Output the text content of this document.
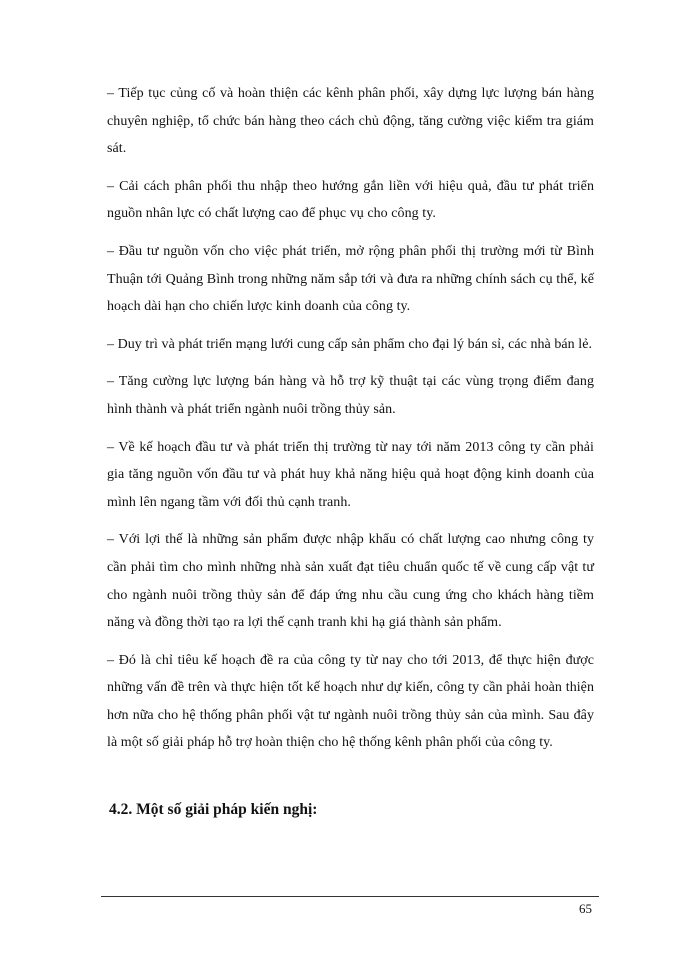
– Tiếp tục củng cố và hoàn thiện các kênh phân phối, xây dựng lực lượng bán hàng chuyên nghiệp, tổ chức bán hàng theo cách chủ động, tăng cường việc kiểm tra giám sát.

– Cải cách phân phối thu nhập theo hướng gắn liền với hiệu quả, đầu tư phát triển nguồn nhân lực có chất lượng cao để phục vụ cho công ty.

– Đầu tư nguồn vốn cho việc phát triển, mở rộng phân phối thị trường mới từ Bình Thuận tới Quảng Bình trong những năm sắp tới và đưa ra những chính sách cụ thể, kế hoạch dài hạn cho chiến lược kinh doanh của công ty.

– Duy trì và phát triển mạng lưới cung cấp sản phẩm cho đại lý bán sỉ, các nhà bán lẻ.

– Tăng cường lực lượng bán hàng và hỗ trợ kỹ thuật tại các vùng trọng điểm đang hình thành và phát triển ngành nuôi trồng thủy sản.

– Về kế hoạch đầu tư và phát triển thị trường từ nay tới năm 2013 công ty cần phải gia tăng nguồn vốn đầu tư và phát huy khả năng hiệu quả hoạt động kinh doanh của mình lên ngang tầm với đối thủ cạnh tranh.

– Với lợi thế là những sản phẩm được nhập khẩu có chất lượng cao nhưng công ty cần phải tìm cho mình những nhà sản xuất đạt tiêu chuẩn quốc tế về cung cấp vật tư cho ngành nuôi trồng thủy sản để đáp ứng nhu cầu cung ứng cho khách hàng tiềm năng và đồng thời tạo ra lợi thế cạnh tranh khi hạ giá thành sản phẩm.

– Đó là chỉ tiêu kế hoạch đề ra của công ty từ nay cho tới 2013, để thực hiện được những vấn đề trên và thực hiện tốt kế hoạch như dự kiến, công ty cần phải hoàn thiện hơn nữa cho hệ thống phân phối vật tư ngành nuôi trồng thủy sản của mình. Sau đây là một số giải pháp hỗ trợ hoàn thiện cho hệ thống kênh phân phối của công ty.

4.2. Một số giải pháp kiến nghị:
65
